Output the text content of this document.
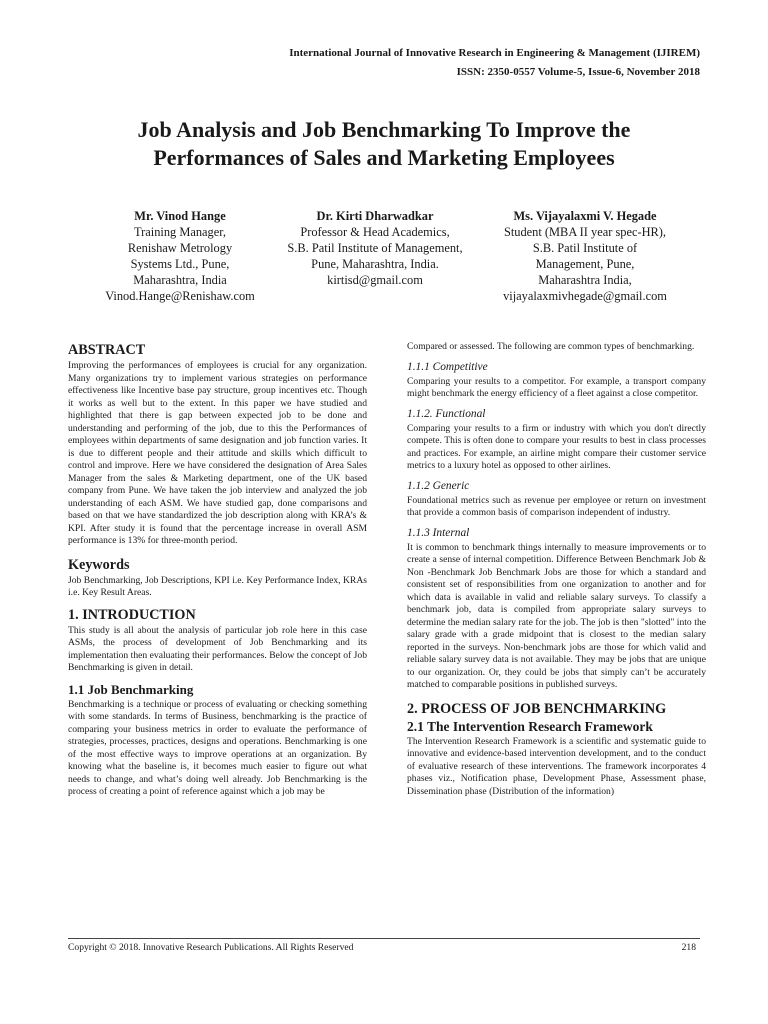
International Journal of Innovative Research in Engineering & Management (IJIREM)
ISSN: 2350-0557 Volume-5, Issue-6, November 2018
Job Analysis and Job Benchmarking To Improve the
Performances of Sales and Marketing Employees
Mr. Vinod Hange
Training Manager,
Renishaw Metrology
Systems Ltd., Pune,
Maharashtra, India
Vinod.Hange@Renishaw.com
Dr. Kirti Dharwadkar
Professor & Head Academics,
S.B. Patil Institute of Management,
Pune, Maharashtra, India.
kirtisd@gmail.com
Ms. Vijayalaxmi V. Hegade
Student (MBA II year spec-HR),
S.B. Patil Institute of
Management, Pune,
Maharashtra India,
vijayalaxmivhegade@gmail.com
ABSTRACT

Improving the performances of employees is crucial for any organization. Many organizations try to implement various strategies on performance effectiveness like Incentive base pay structure, group incentives etc. Though it works as well but to the extent. In this paper we have studied and highlighted that there is gap between expected job to be done and understanding and performing of the job, due to this the Performances of employees within departments of same designation and job function varies. It is due to different people and their attitude and skills which difficult to control and improve. Here we have considered the designation of Area Sales Manager from the sales & Marketing department, one of the UK based company from Pune. We have taken the job interview and analyzed the job understanding of each ASM. We have studied gap, done comparisons and based on that we have standardized the job description along with KRA’s & KPI. After study it is found that the percentage increase in overall ASM performance is 13% for three-month period.

Keywords

Job Benchmarking, Job Descriptions, KPI i.e. Key Performance Index, KRAs i.e. Key Result Areas.

1. INTRODUCTION

This study is all about the analysis of particular job role here in this case ASMs, the process of development of Job Benchmarking and its implementation then evaluating their performances. Below the concept of Job Benchmarking is given in detail.

1.1 Job Benchmarking

Benchmarking is a technique or process of evaluating or checking something with some standards. In terms of Business, benchmarking is the practice of comparing your business metrics in order to evaluate the performance of strategies, processes, practices, designs and operations. Benchmarking is one of the most effective ways to improve operations at an organization. By knowing what the baseline is, it becomes much easier to figure out what needs to change, and what’s doing well already. Job Benchmarking is the process of creating a point of reference against which a job may be

Compared or assessed. The following are common types of benchmarking.

1.1.1 Competitive

Comparing your results to a competitor. For example, a transport company might benchmark the energy efficiency of a fleet against a close competitor.

1.1.2. Functional

Comparing your results to a firm or industry with which you don't directly compete. This is often done to compare your results to best in class processes and practices. For example, an airline might compare their customer service metrics to a luxury hotel as opposed to other airlines.

1.1.2 Generic

Foundational metrics such as revenue per employee or return on investment that provide a common basis of comparison independent of industry.

1.1.3 Internal

It is common to benchmark things internally to measure improvements or to create a sense of internal competition. Difference Between Benchmark Job & Non -Benchmark Job Benchmark Jobs are those for which a standard and consistent set of responsibilities from one organization to another and for which data is available in valid and reliable salary surveys. To classify a benchmark job, data is compiled from appropriate salary surveys to determine the median salary rate for the job. The job is then "slotted" into the salary grade with a grade midpoint that is closest to the median salary reported in the surveys. Non-benchmark jobs are those for which valid and reliable salary survey data is not available. They may be jobs that are unique to our organization. Or, they could be jobs that simply can’t be accurately matched to comparable positions in published surveys.

2. PROCESS OF JOB BENCHMARKING
2.1 The Intervention Research Framework

The Intervention Research Framework is a scientific and systematic guide to innovative and evidence-based intervention development, and to the conduct of evaluative research of these interventions. The framework incorporates 4 phases viz., Notification phase, Development Phase, Assessment phase, Dissemination phase (Distribution of the information)

Copyright © 2018. Innovative Research Publications. All Rights Reserved	218
